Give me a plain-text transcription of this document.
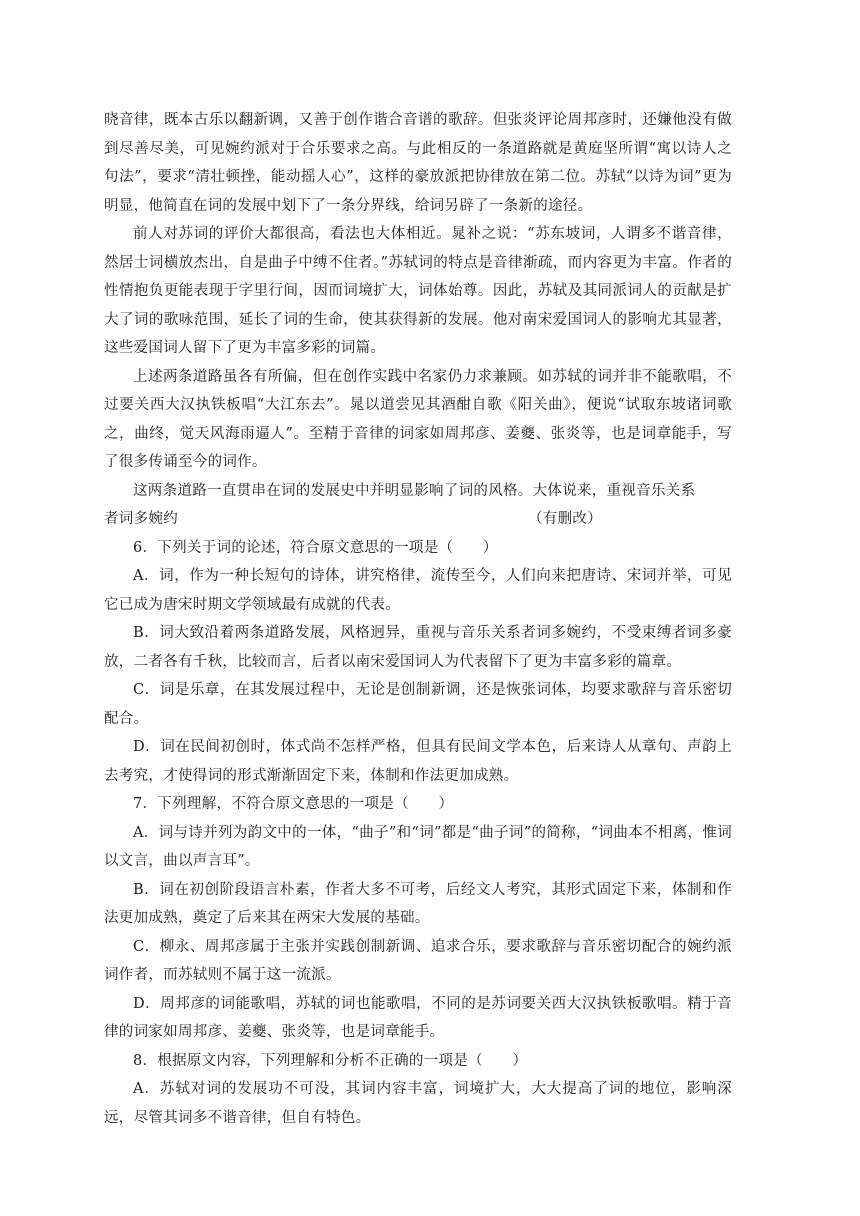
晓音律，既本古乐以翻新调，又善于创作谐合音谱的歌辞。但张炎评论周邦彦时，还嫌他没有做到尽善尽美，可见婉约派对于合乐要求之高。与此相反的一条道路就是黄庭坚所谓“寓以诗人之句法”，要求“清壮顿挫，能动摇人心”，这样的豪放派把协律放在第二位。苏轼“以诗为词”更为明显，他简直在词的发展中划下了一条分界线，给词另辟了一条新的途径。

前人对苏词的评价大都很高，看法也大体相近。晁补之说：“苏东坡词，人谓多不谐音律，然居士词横放杰出，自是曲子中缚不住者。”苏轼词的特点是音律渐疏，而内容更为丰富。作者的性情抱负更能表现于字里行间，因而词境扩大，词体始尊。因此，苏轼及其同派词人的贡献是扩大了词的歌咏范围，延长了词的生命，使其获得新的发展。他对南宋爱国词人的影响尤其显著，这些爱国词人留下了更为丰富多彩的词篇。

上述两条道路虽各有所偏，但在创作实践中名家仍力求兼顾。如苏轼的词并非不能歌唱，不过要关西大汉执铁板唱“大江东去”。晁以道尝见其酒酣自歌《阳关曲》，便说“试取东坡诸词歌之，曲终，觉天风海雨逼人”。至精于音律的词家如周邦彦、姜夔、张炎等，也是词章能手，写了很多传诵至今的词作。

这两条道路一直贯串在词的发展史中并明显影响了词的风格。大体说来，重视音乐关系

者词多婉约	（有删改）

6．下列关于词的论述，符合原文意思的一项是（　　）

A．词，作为一种长短句的诗体，讲究格律，流传至今，人们向来把唐诗、宋词并举，可见它已成为唐宋时期文学领域最有成就的代表。

B．词大致沿着两条道路发展，风格迥异，重视与音乐关系者词多婉约，不受束缚者词多豪放，二者各有千秋，比较而言，后者以南宋爱国词人为代表留下了更为丰富多彩的篇章。

C．词是乐章，在其发展过程中，无论是创制新调，还是恢张词体，均要求歌辞与音乐密切配合。

D．词在民间初创时，体式尚不怎样严格，但具有民间文学本色，后来诗人从章句、声韵上去考究，才使得词的形式渐渐固定下来，体制和作法更加成熟。

7．下列理解，不符合原文意思的一项是（　　）

A．词与诗并列为韵文中的一体，“曲子”和“词”都是“曲子词”的简称，“词曲本不相离，惟词以文言，曲以声言耳”。

B．词在初创阶段语言朴素，作者大多不可考，后经文人考究，其形式固定下来，体制和作法更加成熟，奠定了后来其在两宋大发展的基础。

C．柳永、周邦彦属于主张并实践创制新调、追求合乐，要求歌辞与音乐密切配合的婉约派词作者，而苏轼则不属于这一流派。

D．周邦彦的词能歌唱，苏轼的词也能歌唱，不同的是苏词要关西大汉执铁板歌唱。精于音律的词家如周邦彦、姜夔、张炎等，也是词章能手。

8．根据原文内容，下列理解和分析不正确的一项是（　　）

A．苏轼对词的发展功不可没，其词内容丰富，词境扩大，大大提高了词的地位，影响深远，尽管其词多不谐音律，但自有特色。
